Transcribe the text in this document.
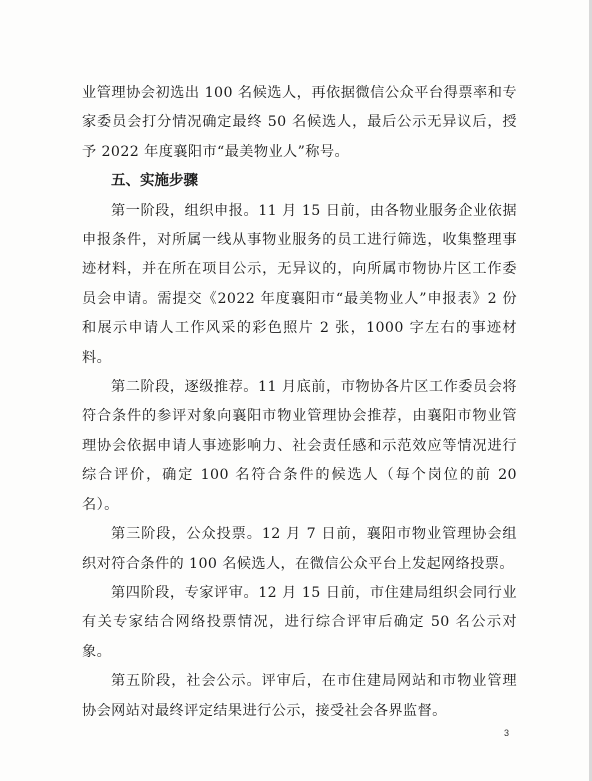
业管理协会初选出 100 名候选人，再依据微信公众平台得票率和专家委员会打分情况确定最终 50 名候选人，最后公示无异议后，授予 2022 年度襄阳市“最美物业人”称号。

五、实施步骤

第一阶段，组织申报。11 月 15 日前，由各物业服务企业依据申报条件，对所属一线从事物业服务的员工进行筛选，收集整理事迹材料，并在所在项目公示，无异议的，向所属市物协片区工作委员会申请。需提交《2022 年度襄阳市“最美物业人”申报表》2 份和展示申请人工作风采的彩色照片 2 张，1000 字左右的事迹材料。

第二阶段，逐级推荐。11 月底前，市物协各片区工作委员会将符合条件的参评对象向襄阳市物业管理协会推荐，由襄阳市物业管理协会依据申请人事迹影响力、社会责任感和示范效应等情况进行综合评价，确定 100 名符合条件的候选人（每个岗位的前 20 名）。

第三阶段，公众投票。12 月 7 日前，襄阳市物业管理协会组织对符合条件的 100 名候选人，在微信公众平台上发起网络投票。

第四阶段，专家评审。12 月 15 日前，市住建局组织会同行业有关专家结合网络投票情况，进行综合评审后确定 50 名公示对象。

第五阶段，社会公示。评审后，在市住建局网站和市物业管理协会网站对最终评定结果进行公示，接受社会各界监督。

3
